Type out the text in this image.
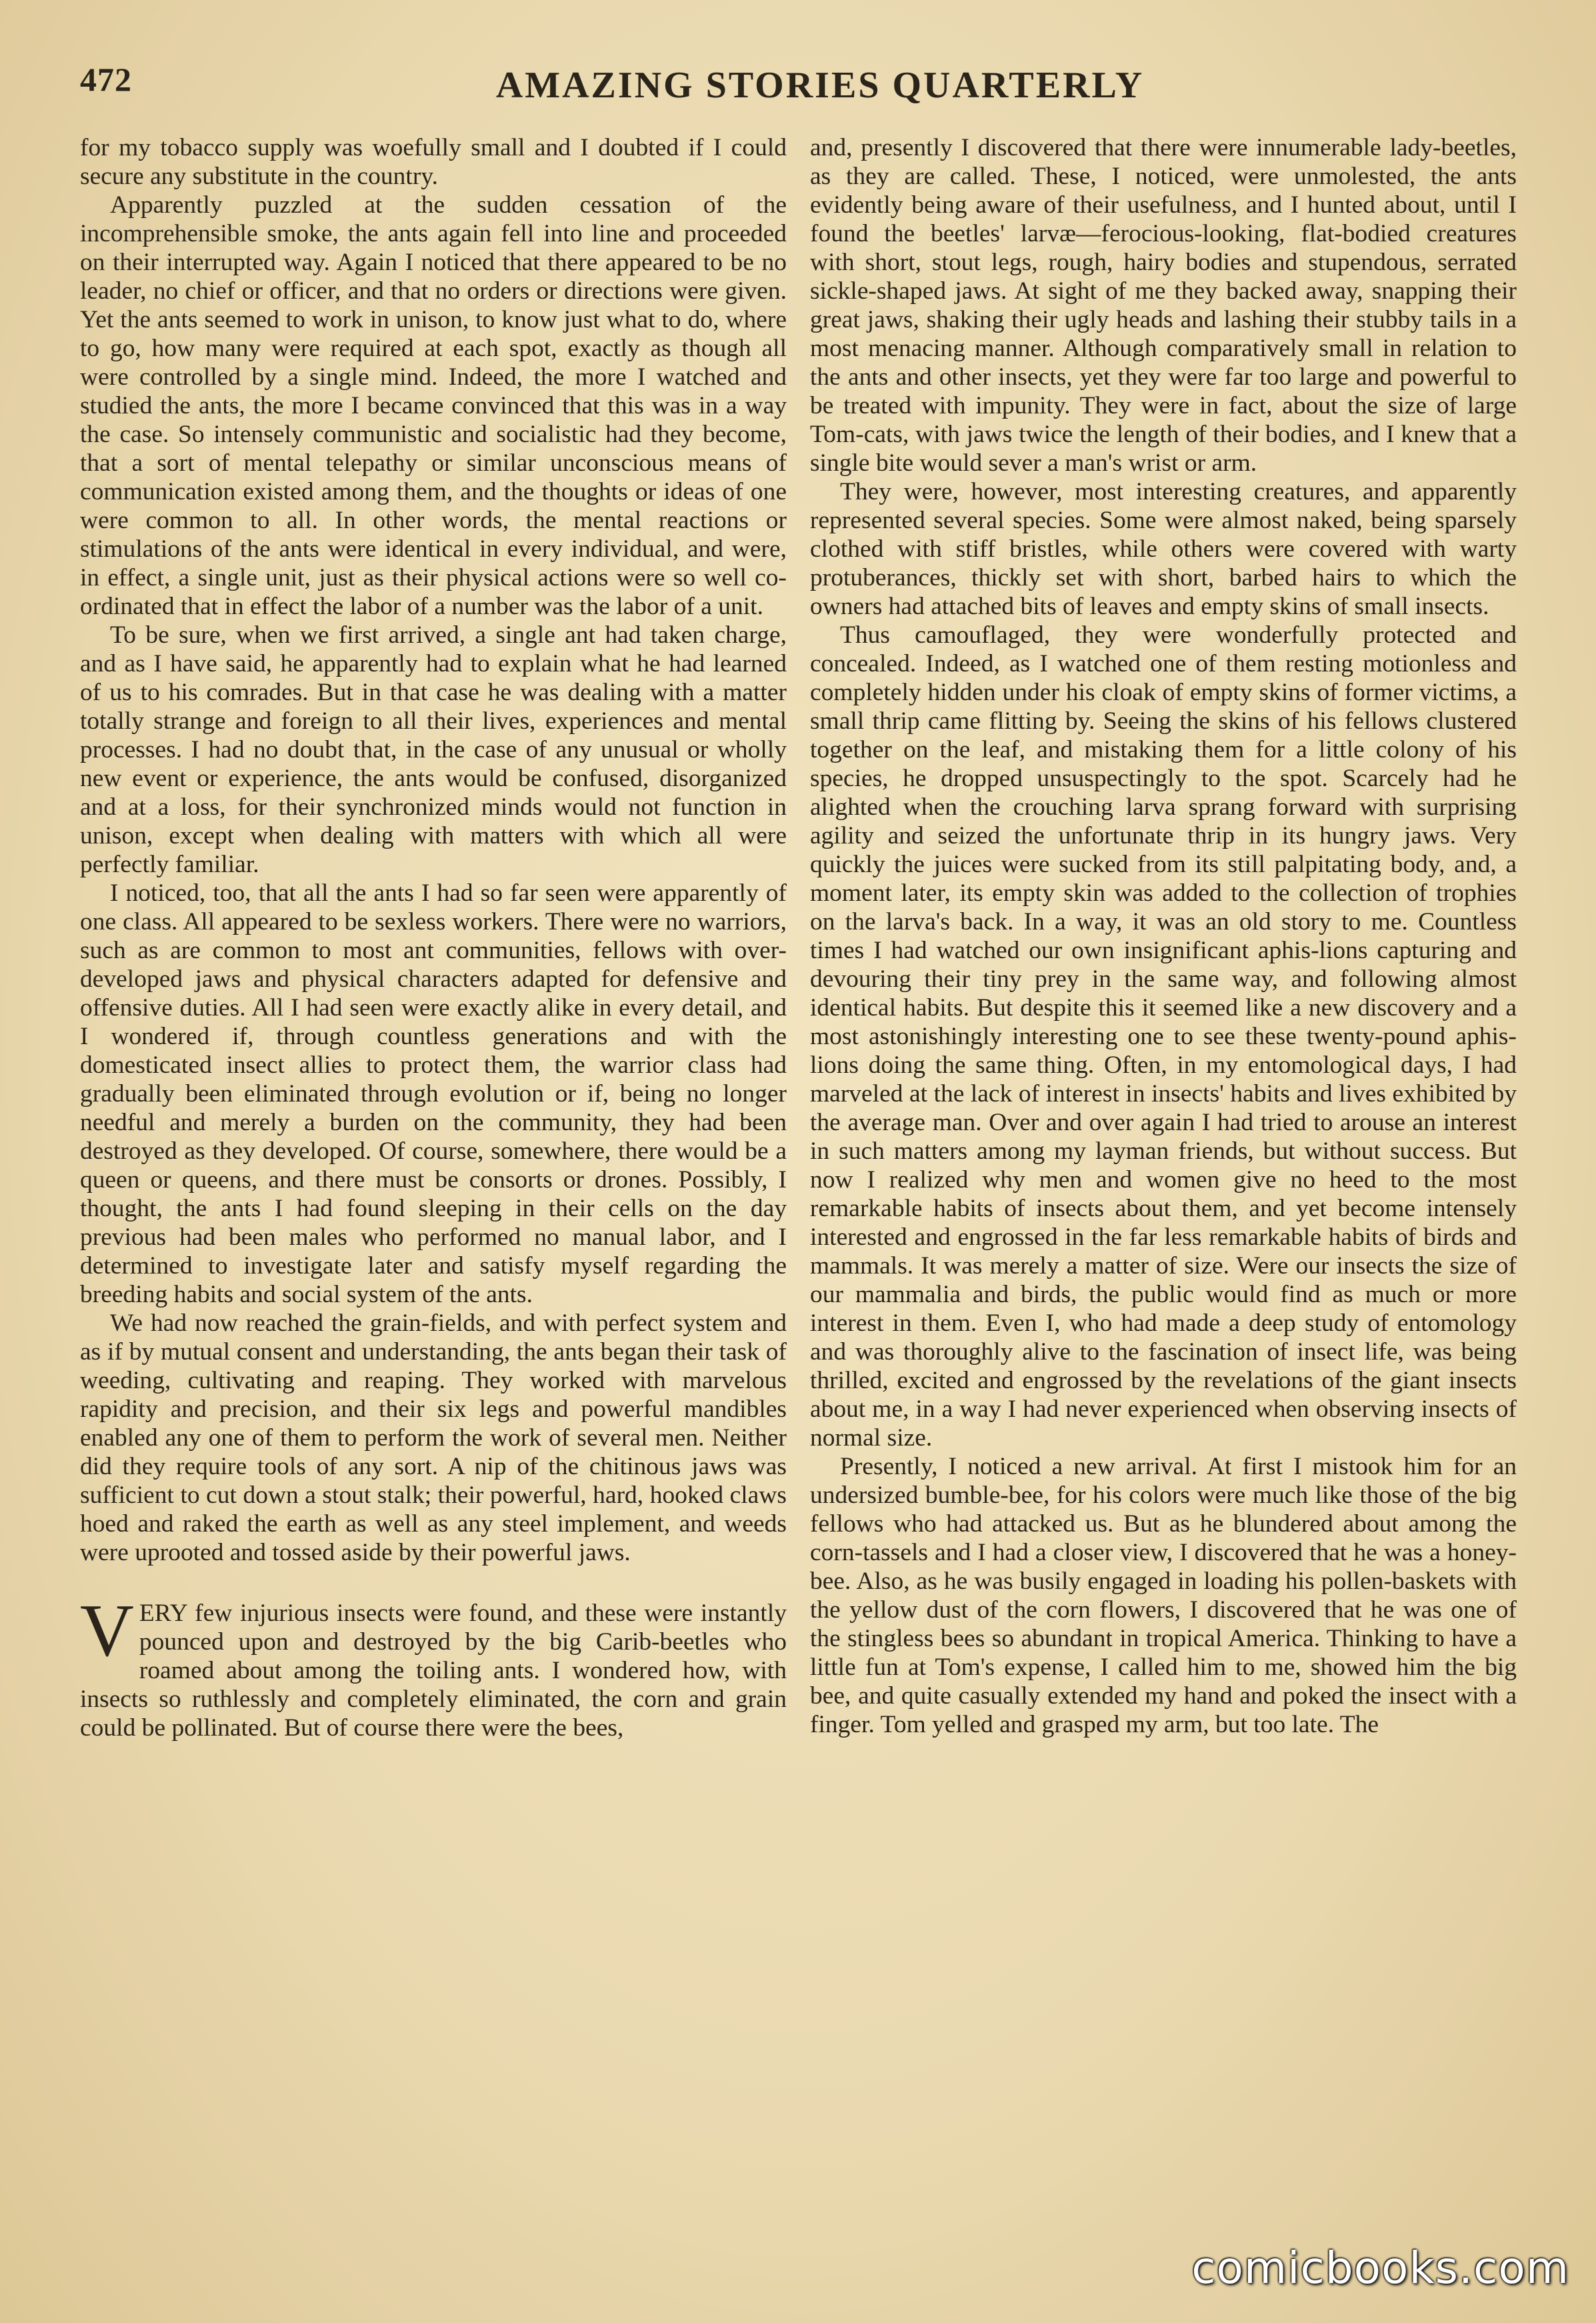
472	AMAZING STORIES QUARTERLY

for my tobacco supply was woefully small and I doubted if I could secure any substitute in the country.

Apparently puzzled at the sudden cessation of the incomprehensible smoke, the ants again fell into line and proceeded on their interrupted way. Again I noticed that there appeared to be no leader, no chief or officer, and that no orders or directions were given. Yet the ants seemed to work in unison, to know just what to do, where to go, how many were required at each spot, exactly as though all were controlled by a single mind. Indeed, the more I watched and studied the ants, the more I became convinced that this was in a way the case. So intensely communistic and socialistic had they become, that a sort of mental telepathy or similar unconscious means of communication existed among them, and the thoughts or ideas of one were common to all. In other words, the mental reactions or stimulations of the ants were identical in every individual, and were, in effect, a single unit, just as their physical actions were so well co-ordinated that in effect the labor of a number was the labor of a unit.

To be sure, when we first arrived, a single ant had taken charge, and as I have said, he apparently had to explain what he had learned of us to his comrades. But in that case he was dealing with a matter totally strange and foreign to all their lives, experiences and mental processes. I had no doubt that, in the case of any unusual or wholly new event or experience, the ants would be confused, disorganized and at a loss, for their synchronized minds would not function in unison, except when dealing with matters with which all were perfectly familiar.

I noticed, too, that all the ants I had so far seen were apparently of one class. All appeared to be sexless workers. There were no warriors, such as are common to most ant communities, fellows with over-developed jaws and physical characters adapted for defensive and offensive duties. All I had seen were exactly alike in every detail, and I wondered if, through countless generations and with the domesticated insect allies to protect them, the warrior class had gradually been eliminated through evolution or if, being no longer needful and merely a burden on the community, they had been destroyed as they developed. Of course, somewhere, there would be a queen or queens, and there must be consorts or drones. Possibly, I thought, the ants I had found sleeping in their cells on the day previous had been males who performed no manual labor, and I determined to investigate later and satisfy myself regarding the breeding habits and social system of the ants.

We had now reached the grain-fields, and with perfect system and as if by mutual consent and understanding, the ants began their task of weeding, cultivating and reaping. They worked with marvelous rapidity and precision, and their six legs and powerful mandibles enabled any one of them to perform the work of several men. Neither did they require tools of any sort. A nip of the chitinous jaws was sufficient to cut down a stout stalk; their powerful, hard, hooked claws hoed and raked the earth as well as any steel implement, and weeds were uprooted and tossed aside by their powerful jaws.

VERY few injurious insects were found, and these were instantly pounced upon and destroyed by the big Carib-beetles who roamed about among the toiling ants. I wondered how, with insects so ruthlessly and completely eliminated, the corn and grain could be pollinated. But of course there were the bees,

and, presently I discovered that there were innumerable lady-beetles, as they are called. These, I noticed, were unmolested, the ants evidently being aware of their usefulness, and I hunted about, until I found the beetles' larvæ—ferocious-looking, flat-bodied creatures with short, stout legs, rough, hairy bodies and stupendous, serrated sickle-shaped jaws. At sight of me they backed away, snapping their great jaws, shaking their ugly heads and lashing their stubby tails in a most menacing manner. Although comparatively small in relation to the ants and other insects, yet they were far too large and powerful to be treated with impunity. They were in fact, about the size of large Tom-cats, with jaws twice the length of their bodies, and I knew that a single bite would sever a man's wrist or arm.

They were, however, most interesting creatures, and apparently represented several species. Some were almost naked, being sparsely clothed with stiff bristles, while others were covered with warty protuberances, thickly set with short, barbed hairs to which the owners had attached bits of leaves and empty skins of small insects.

Thus camouflaged, they were wonderfully protected and concealed. Indeed, as I watched one of them resting motionless and completely hidden under his cloak of empty skins of former victims, a small thrip came flitting by. Seeing the skins of his fellows clustered together on the leaf, and mistaking them for a little colony of his species, he dropped unsuspectingly to the spot. Scarcely had he alighted when the crouching larva sprang forward with surprising agility and seized the unfortunate thrip in its hungry jaws. Very quickly the juices were sucked from its still palpitating body, and, a moment later, its empty skin was added to the collection of trophies on the larva's back. In a way, it was an old story to me. Countless times I had watched our own insignificant aphis-lions capturing and devouring their tiny prey in the same way, and following almost identical habits. But despite this it seemed like a new discovery and a most astonishingly interesting one to see these twenty-pound aphis-lions doing the same thing. Often, in my entomological days, I had marveled at the lack of interest in insects' habits and lives exhibited by the average man. Over and over again I had tried to arouse an interest in such matters among my layman friends, but without success. But now I realized why men and women give no heed to the most remarkable habits of insects about them, and yet become intensely interested and engrossed in the far less remarkable habits of birds and mammals. It was merely a matter of size. Were our insects the size of our mammalia and birds, the public would find as much or more interest in them. Even I, who had made a deep study of entomology and was thoroughly alive to the fascination of insect life, was being thrilled, excited and engrossed by the revelations of the giant insects about me, in a way I had never experienced when observing insects of normal size.

Presently, I noticed a new arrival. At first I mistook him for an undersized bumble-bee, for his colors were much like those of the big fellows who had attacked us. But as he blundered about among the corn-tassels and I had a closer view, I discovered that he was a honey-bee. Also, as he was busily engaged in loading his pollen-baskets with the yellow dust of the corn flowers, I discovered that he was one of the stingless bees so abundant in tropical America. Thinking to have a little fun at Tom's expense, I called him to me, showed him the big bee, and quite casually extended my hand and poked the insect with a finger. Tom yelled and grasped my arm, but too late. The

comicbooks.com
